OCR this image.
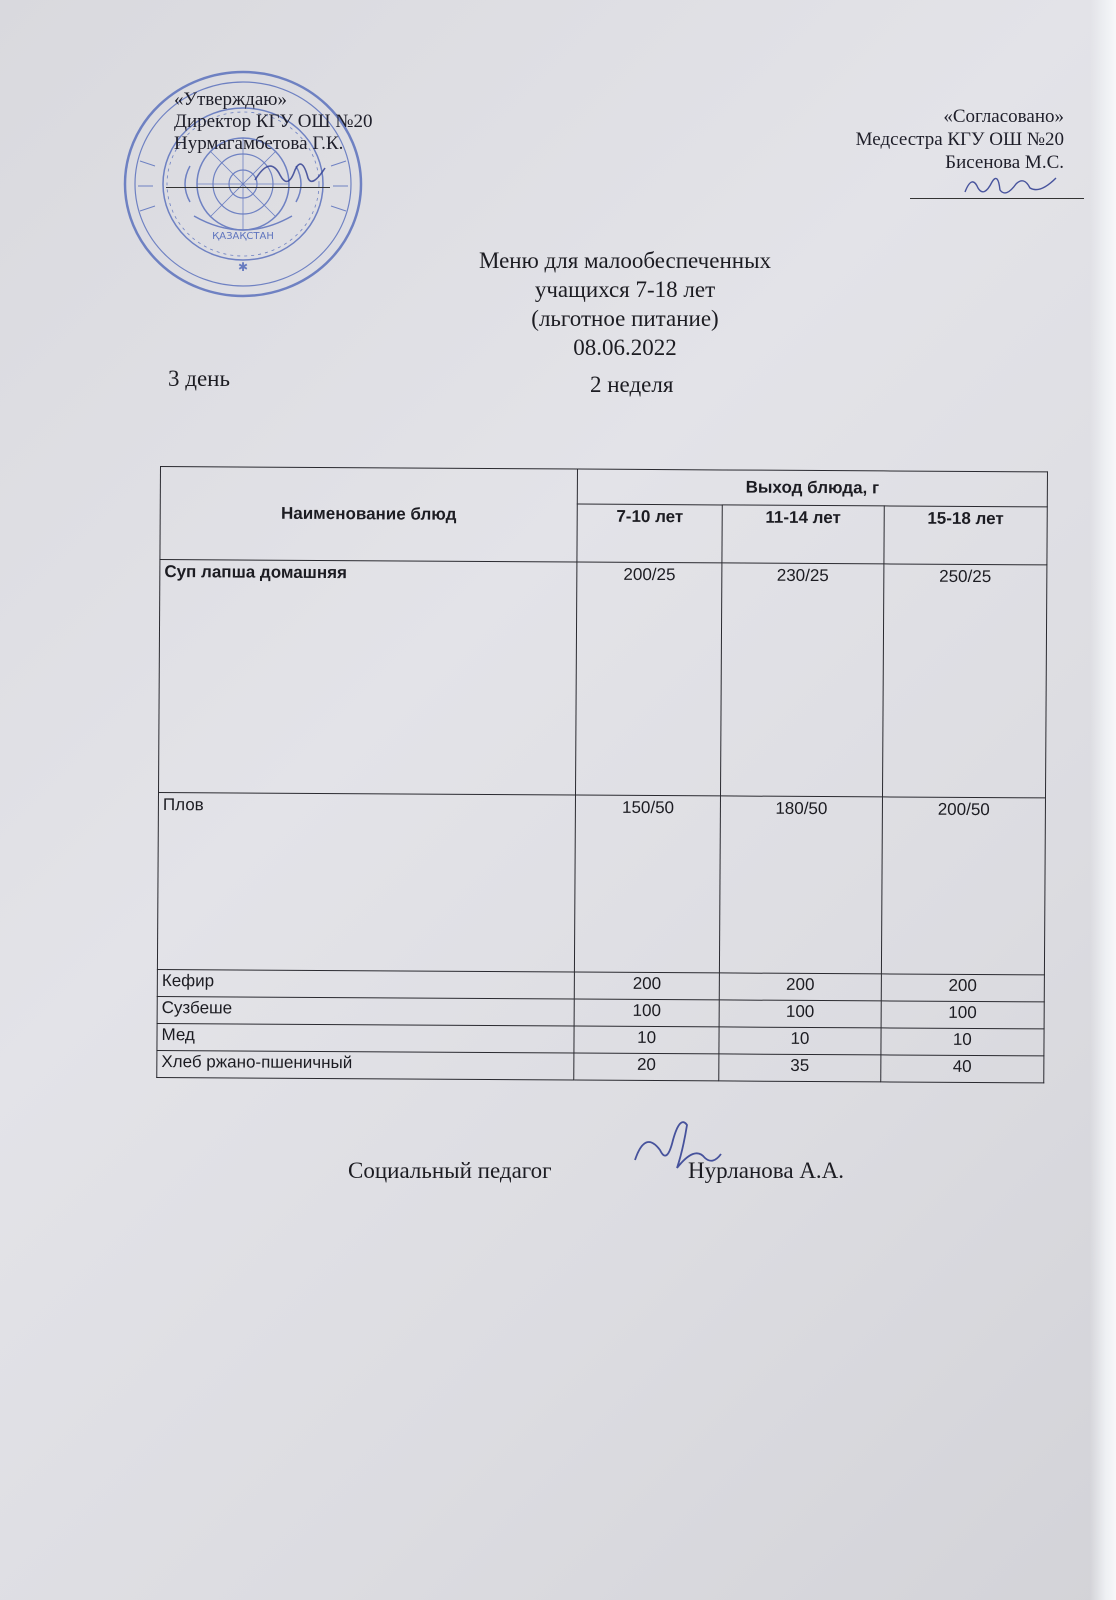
ҚАЗАҚСТАН
✱
«Утверждаю»
Директор КГУ ОШ №20
Нурмагамбетова Г.К.
«Согласовано»
Медсестра КГУ ОШ №20
Бисенова М.С.
Меню для малообеспеченных
учащихся 7-18 лет
(льготное питание)
08.06.2022
3 день	2 неделя
Наименование блюд	Выход блюда, г		
	7-10 лет	11-14 лет	15-18 лет
Суп лапша домашняя	200/25	230/25	250/25
Плов	150/50	180/50	200/50
Кефир	200	200	200
Сузбеше	100	100	100
Мед	10	10	10
Хлеб ржано-пшеничный	20	35	40
Социальный педагог	Нурланова А.А.
